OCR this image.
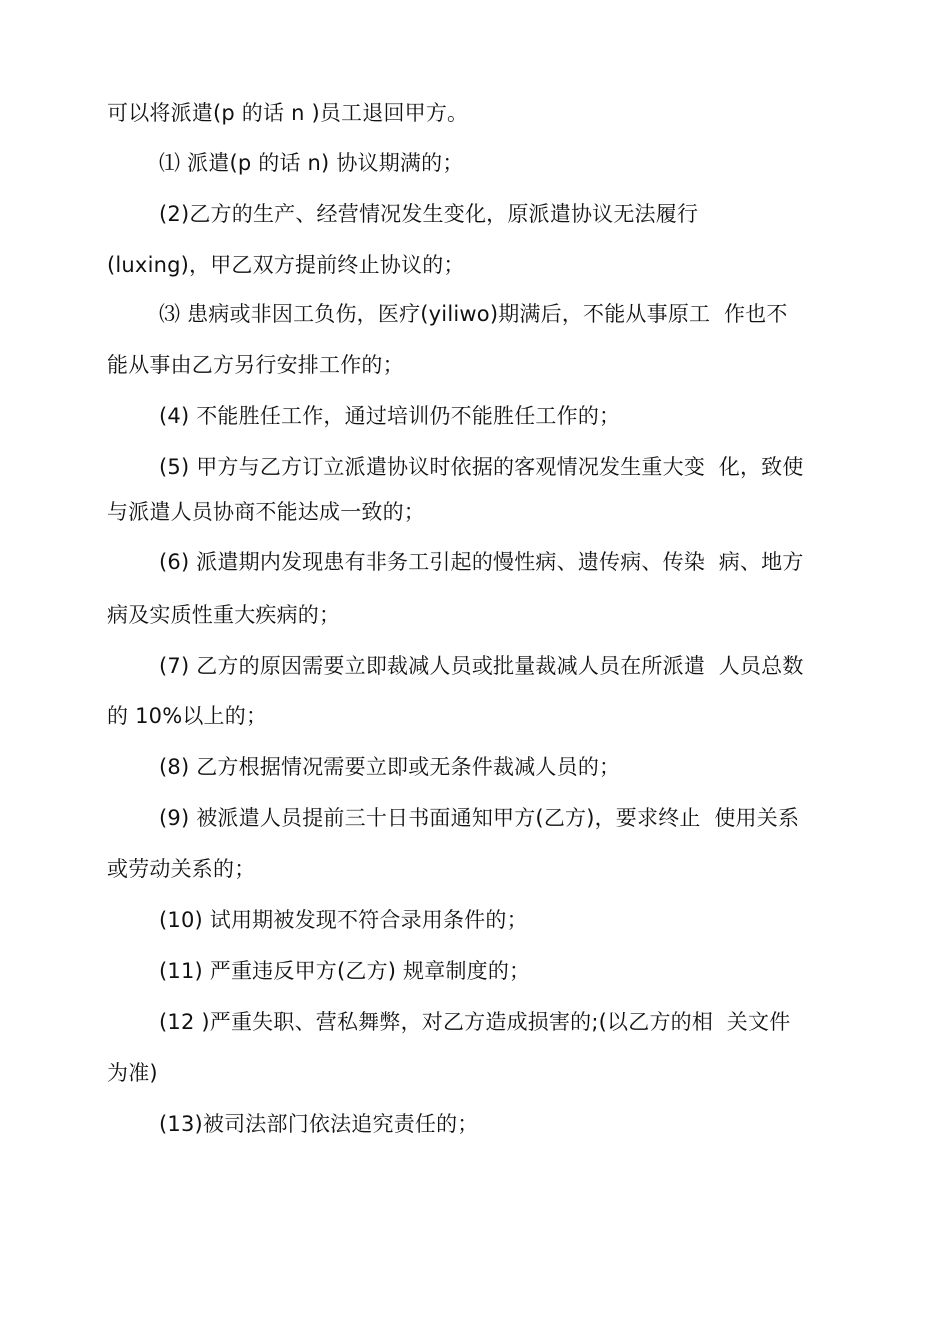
可以将派遣(p 的话 n )员工退回甲方。

⑴ 派遣(p 的话 n) 协议期满的；

(2)乙方的生产、经营情况发生变化，原派遣协议无法履行

(luxing)，甲乙双方提前终止协议的；

⑶ 患病或非因工负伤，医疗(yiliwo)期满后，不能从事原工  作也不

能从事由乙方另行安排工作的；

(4) 不能胜任工作，通过培训仍不能胜任工作的；

(5) 甲方与乙方订立派遣协议时依据的客观情况发生重大变  化，致使

与派遣人员协商不能达成一致的；

(6) 派遣期内发现患有非务工引起的慢性病、遗传病、传染  病、地方

病及实质性重大疾病的；

(7) 乙方的原因需要立即裁减人员或批量裁减人员在所派遣  人员总数

的 10%以上的；

(8) 乙方根据情况需要立即或无条件裁减人员的；

(9) 被派遣人员提前三十日书面通知甲方(乙方)，要求终止  使用关系

或劳动关系的；

(10) 试用期被发现不符合录用条件的；

(11) 严重违反甲方(乙方) 规章制度的；

(12 )严重失职、营私舞弊，对乙方造成损害的;(以乙方的相  关文件

为准)

(13)被司法部门依法追究责任的；
